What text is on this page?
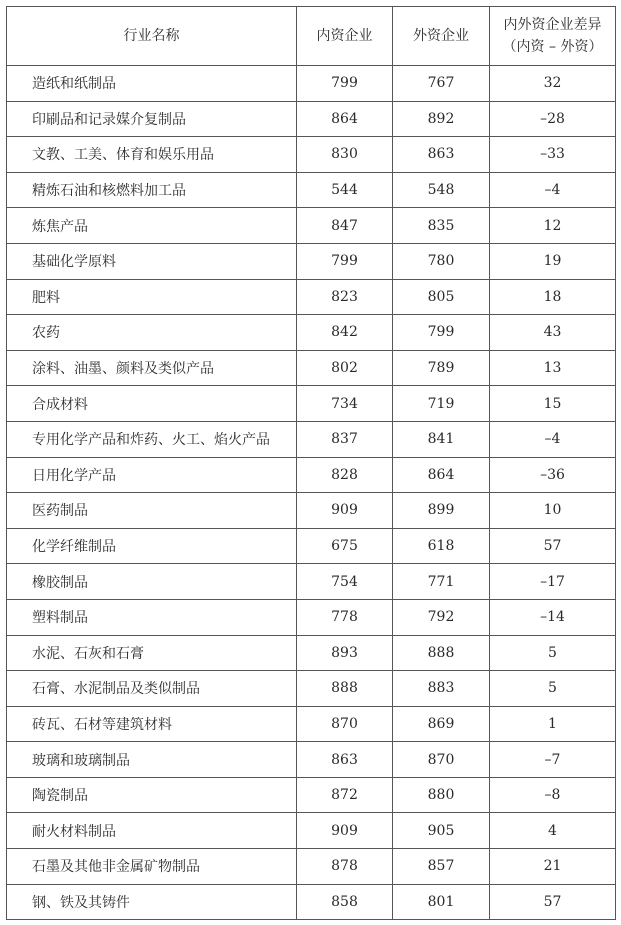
行业名称	内资企业	外资企业	内外资企业差异
（内资 – 外资）

造纸和纸制品	799	767	32
印刷品和记录媒介复制品	864	892	–28
文教、工美、体育和娱乐用品	830	863	–33
精炼石油和核燃料加工品	544	548	–4
炼焦产品	847	835	12
基础化学原料	799	780	19
肥料	823	805	18
农药	842	799	43
涂料、油墨、颜料及类似产品	802	789	13
合成材料	734	719	15
专用化学产品和炸药、火工、焰火产品	837	841	–4
日用化学产品	828	864	–36
医药制品	909	899	10
化学纤维制品	675	618	57
橡胶制品	754	771	–17
塑料制品	778	792	–14
水泥、石灰和石膏	893	888	5
石膏、水泥制品及类似制品	888	883	5
砖瓦、石材等建筑材料	870	869	1
玻璃和玻璃制品	863	870	–7
陶瓷制品	872	880	–8
耐火材料制品	909	905	4
石墨及其他非金属矿物制品	878	857	21
钢、铁及其铸件	858	801	57
